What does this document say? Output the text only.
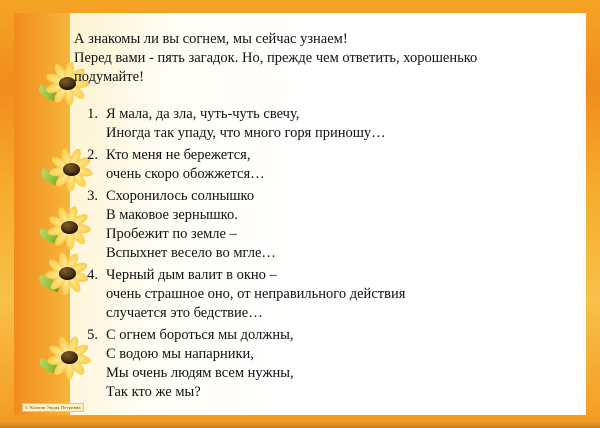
А знакомы ли вы согнем, мы сейчас узнаем!
Перед вами - пять загадок. Но, прежде чем ответить, хорошенько подумайте!
1. Я мала, да зла, чуть-чуть свечу,
Иногда так упаду, что много горя приношу…
2. Кто меня не бережется,
очень скоро обожжется…
3. Схоронилось солнышко
В маковое зернышко.
Пробежит по земле –
Вспыхнет весело во мгле…
4. Черный дым валит в окно –
очень страшное оно, от неправильного действия
случается это бедствие…
5. С огнем бороться мы должны,
С водою мы напарники,
Мы очень людям всем нужны,
Так кто же мы?
© Команв Эвдия Петровна
